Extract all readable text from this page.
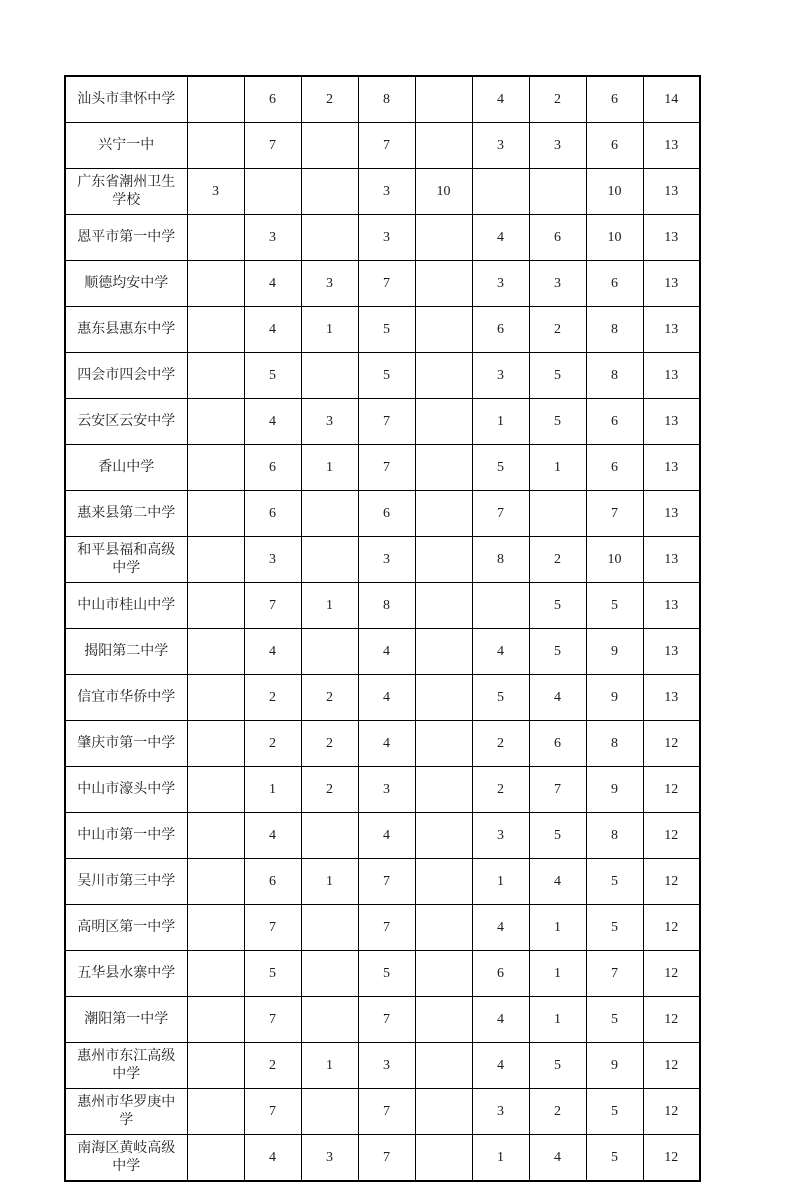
汕头市聿怀中学		6	2	8		4	2	6	14
兴宁一中		7		7		3	3	6	13
广东省潮州卫生学校	3			3	10			10	13
恩平市第一中学		3		3		4	6	10	13
顺德均安中学		4	3	7		3	3	6	13
惠东县惠东中学		4	1	5		6	2	8	13
四会市四会中学		5		5		3	5	8	13
云安区云安中学		4	3	7		1	5	6	13
香山中学		6	1	7		5	1	6	13
惠来县第二中学		6		6		7		7	13
和平县福和高级中学		3		3		8	2	10	13
中山市桂山中学		7	1	8			5	5	13
揭阳第二中学		4		4		4	5	9	13
信宜市华侨中学		2	2	4		5	4	9	13
肇庆市第一中学		2	2	4		2	6	8	12
中山市濠头中学		1	2	3		2	7	9	12
中山市第一中学		4		4		3	5	8	12
吴川市第三中学		6	1	7		1	4	5	12
高明区第一中学		7		7		4	1	5	12
五华县水寨中学		5		5		6	1	7	12
潮阳第一中学		7		7		4	1	5	12
惠州市东江高级中学		2	1	3		4	5	9	12
惠州市华罗庚中学		7		7		3	2	5	12
南海区黄岐高级中学		4	3	7		1	4	5	12
